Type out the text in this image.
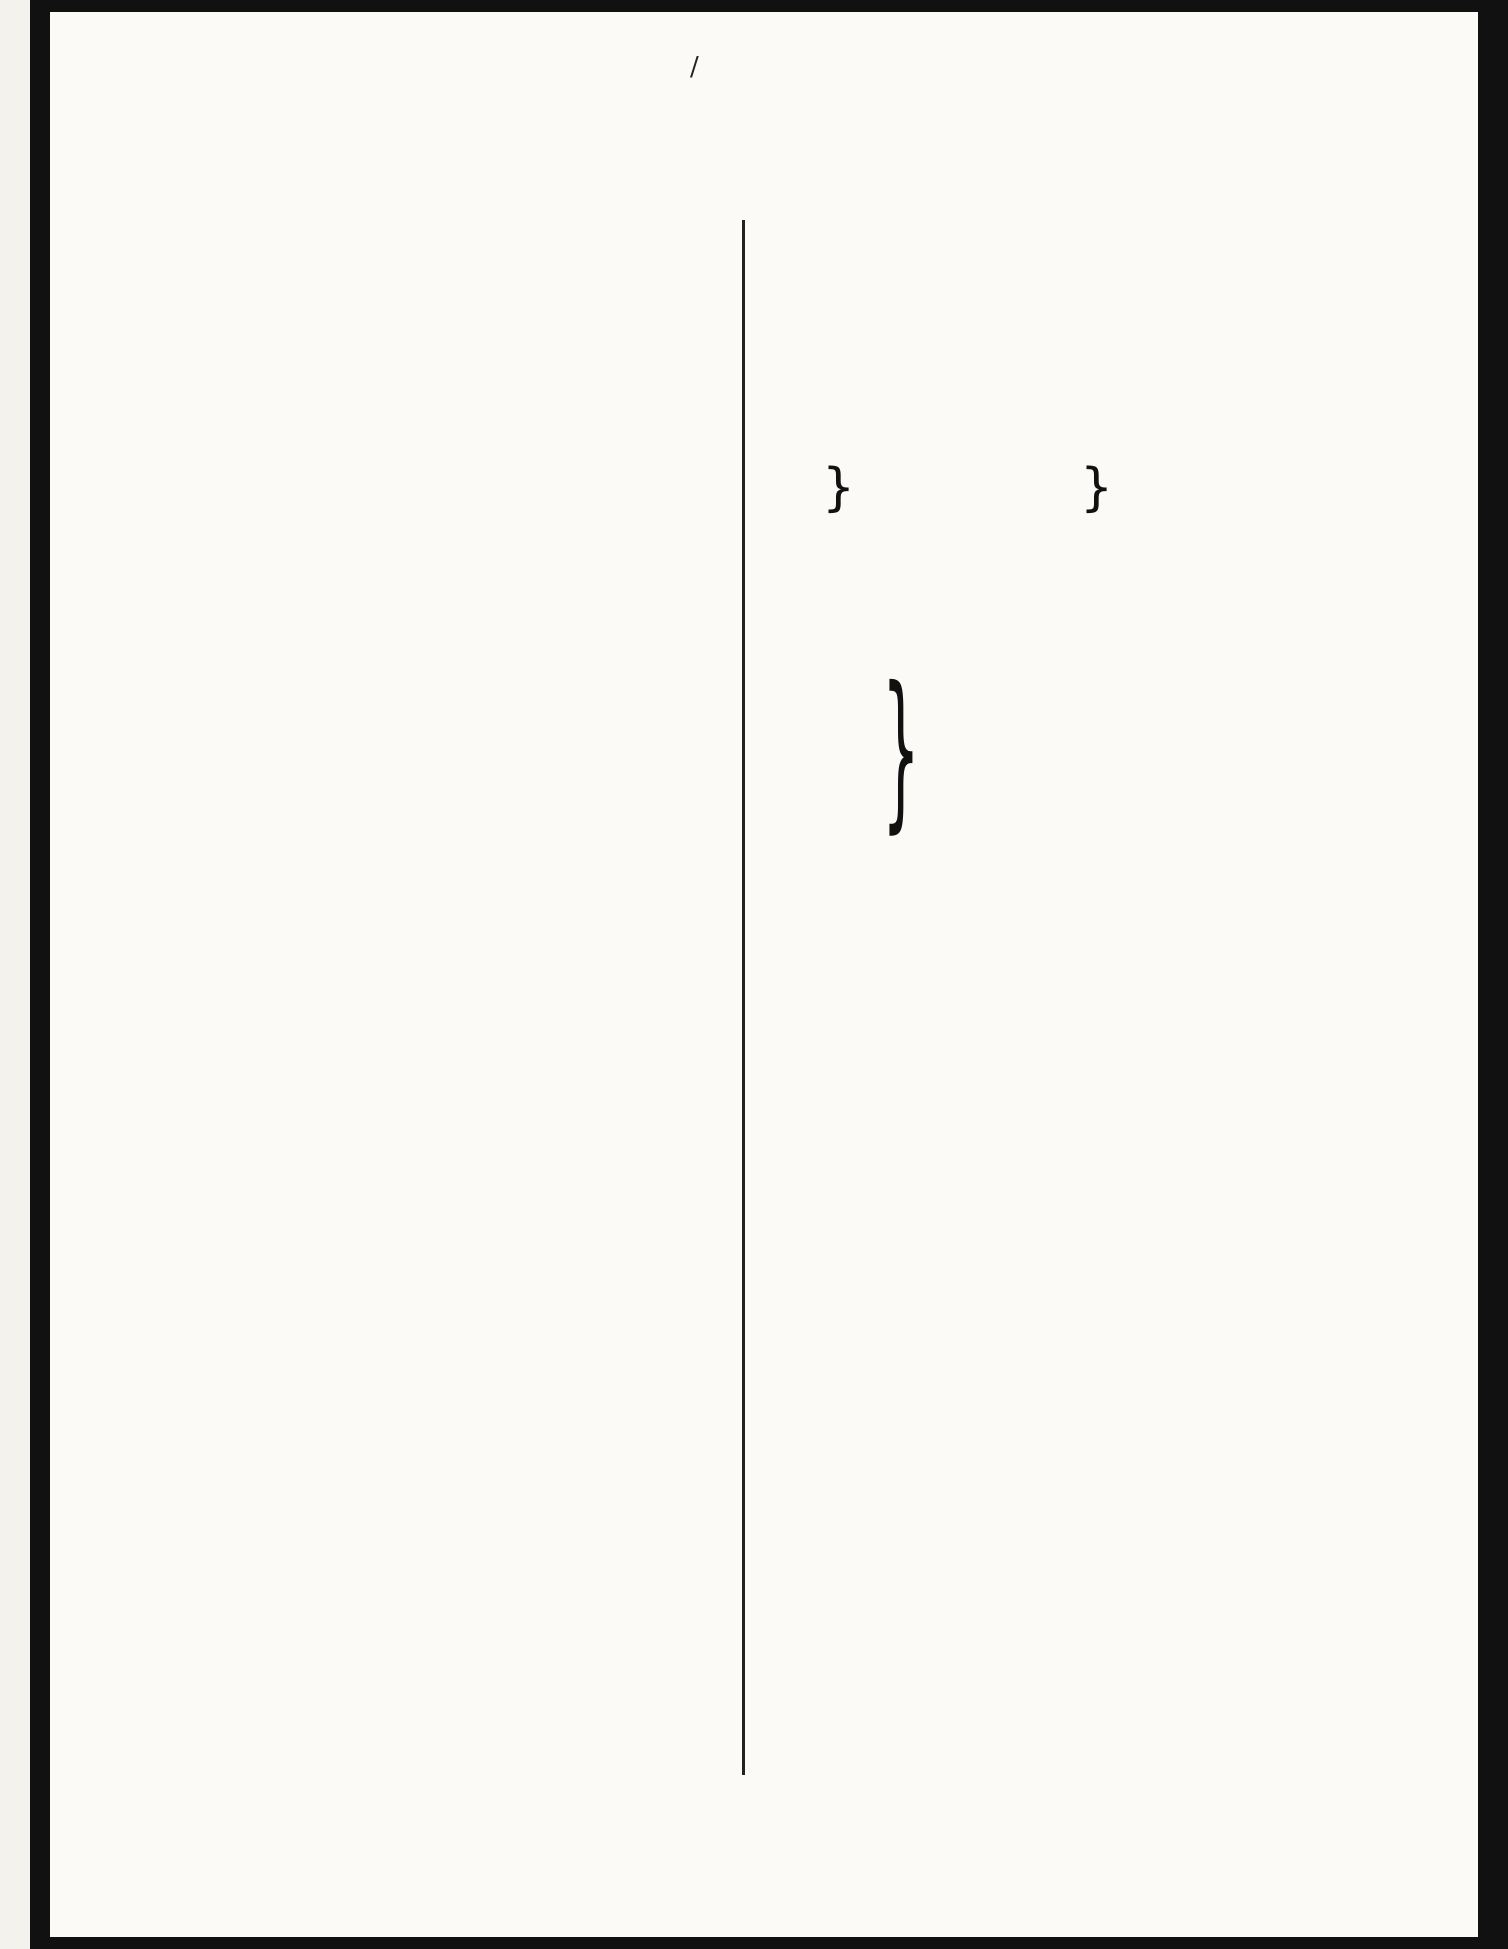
/
}	}
}
